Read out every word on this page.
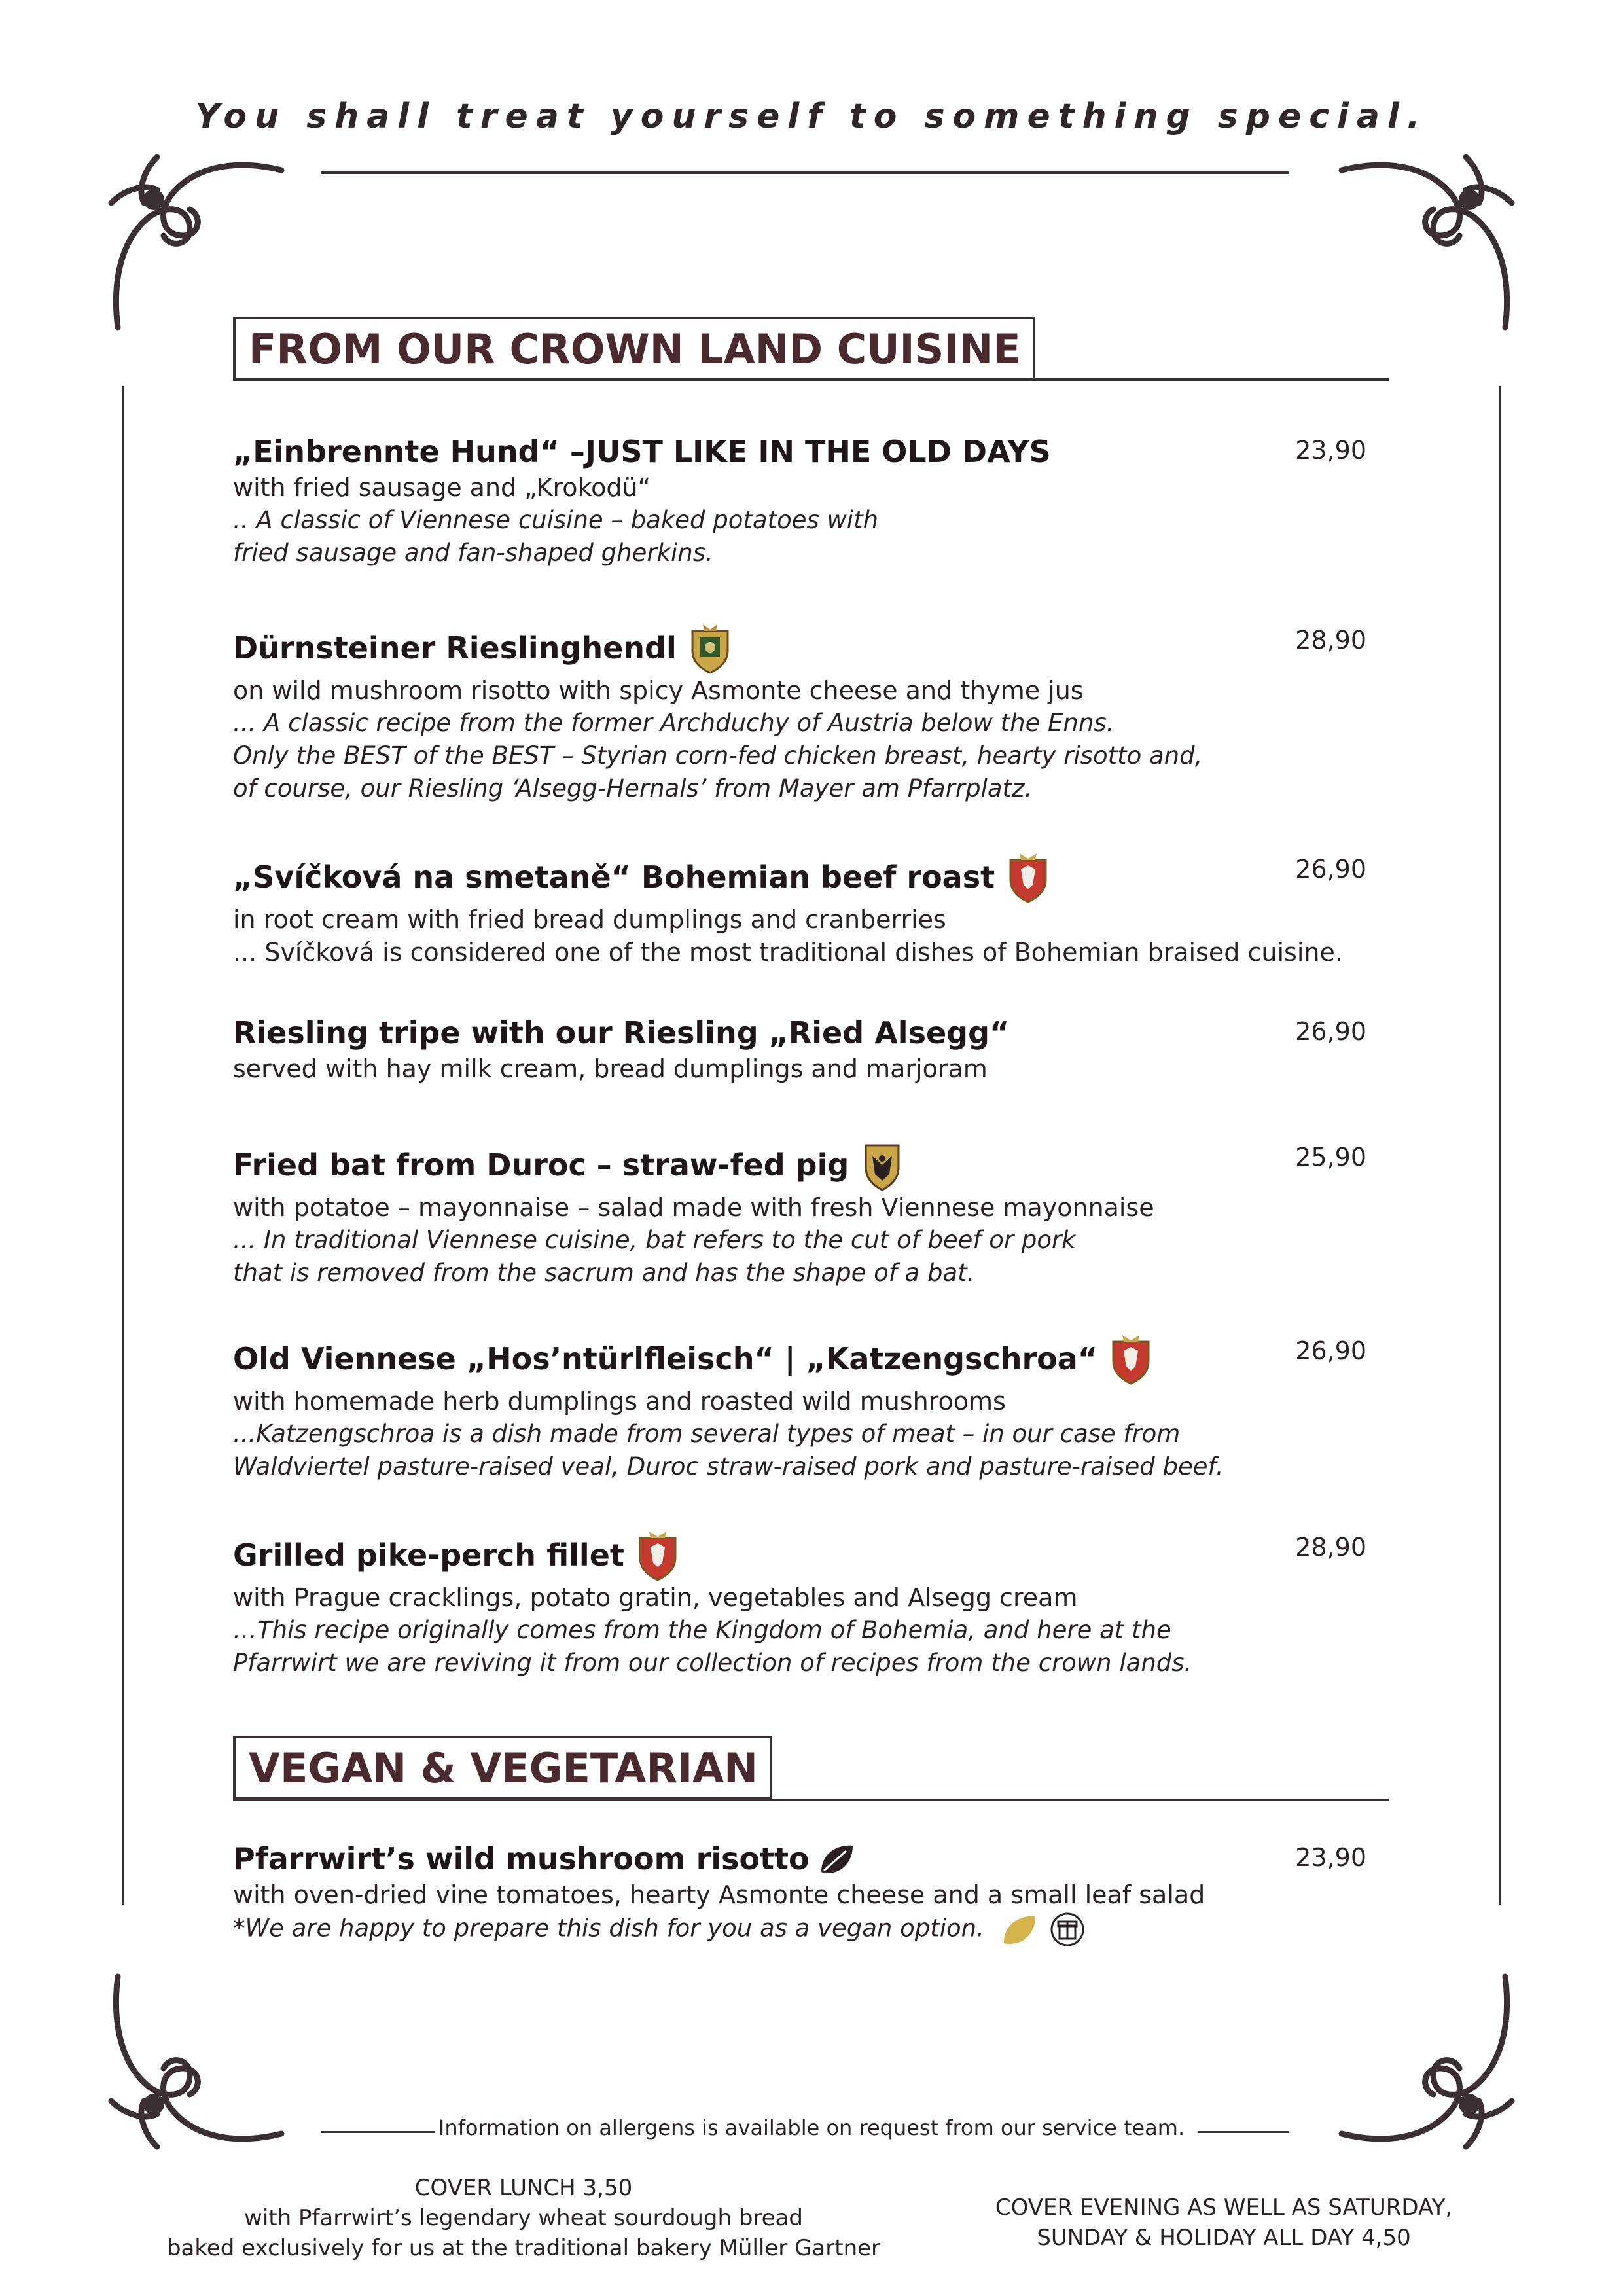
You shall treat yourself to something special.
FROM OUR CROWN LAND CUISINE
„Einbrennte Hund“ – JUST LIKE IN THE OLD DAYS	23,90
with fried sausage and „Krokodü“
.. A classic of Viennese cuisine – baked potatoes with
fried sausage and fan-shaped gherkins.
Dürnsteiner Rieslinghendl	28,90
on wild mushroom risotto with spicy Asmonte cheese and thyme jus
... A classic recipe from the former Archduchy of Austria below the Enns.
Only the BEST of the BEST – Styrian corn-fed chicken breast, hearty risotto and,
of course, our Riesling ‘Alsegg-Hernals’ from Mayer am Pfarrplatz.
„Svíčková na smetaně“ Bohemian beef roast	26,90
in root cream with fried bread dumplings and cranberries
... Svíčková is considered one of the most traditional dishes of Bohemian braised cuisine.
Riesling tripe with our Riesling „Ried Alsegg“	26,90
served with hay milk cream, bread dumplings and marjoram
Fried bat from Duroc – straw-fed pig	25,90
with potatoe – mayonnaise – salad made with fresh Viennese mayonnaise
... In traditional Viennese cuisine, bat refers to the cut of beef or pork
that is removed from the sacrum and has the shape of a bat.
Old Viennese „Hos’ntürlfleisch“ | „Katzengschroa“	26,90
with homemade herb dumplings and roasted wild mushrooms
...Katzengschroa is a dish made from several types of meat – in our case from
Waldviertel pasture-raised veal, Duroc straw-raised pork and pasture-raised beef.
Grilled pike-perch fillet	28,90
with Prague cracklings, potato gratin, vegetables and Alsegg cream
…This recipe originally comes from the Kingdom of Bohemia, and here at the
Pfarrwirt we are reviving it from our collection of recipes from the crown lands.
VEGAN & VEGETARIAN
Pfarrwirt’s wild mushroom risotto	23,90
with oven-dried vine tomatoes, hearty Asmonte cheese and a small leaf salad
*We are happy to prepare this dish for you as a vegan option.
Information on allergens is available on request from our service team.
COVER LUNCH 3,50
with Pfarrwirt’s legendary wheat sourdough bread
baked exclusively for us at the traditional bakery Müller Gartner
COVER EVENING AS WELL AS SATURDAY,
SUNDAY & HOLIDAY ALL DAY 4,50
